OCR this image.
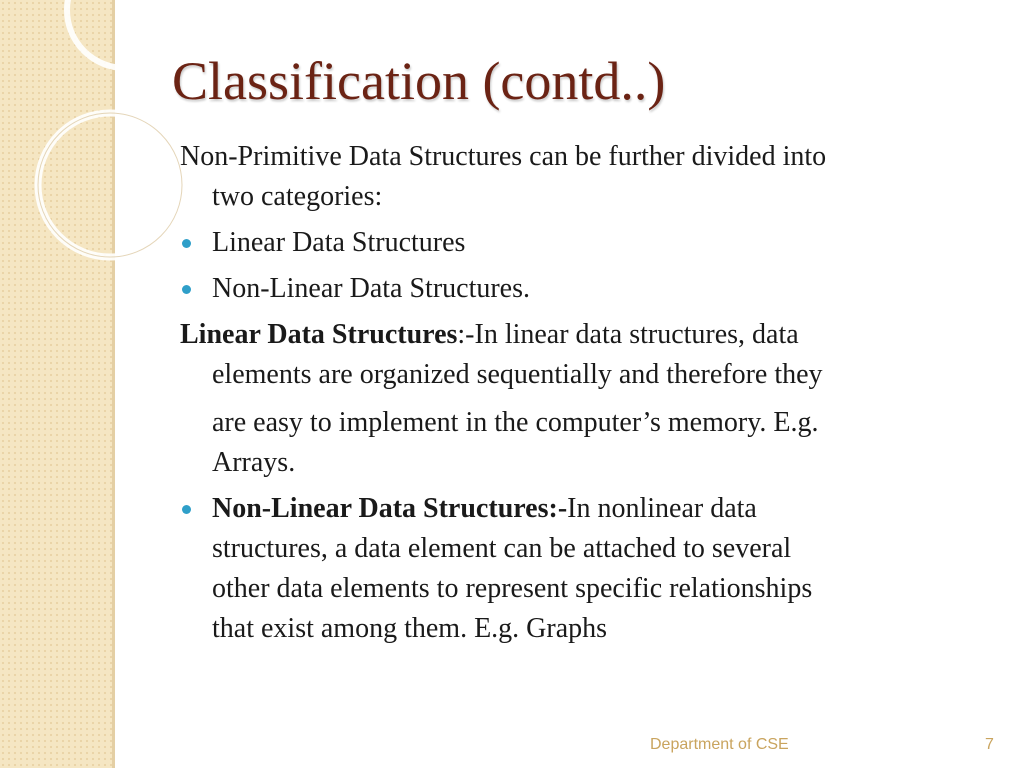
Classification (contd..)

Non-Primitive Data Structures can be further divided into
two categories:

Linear Data Structures
Non-Linear Data Structures.

Linear Data Structures:-In linear data structures, data
elements are organized sequentially and therefore they
are easy to implement in the computer’s memory. E.g.
Arrays.

Non-Linear Data Structures:-In nonlinear data
structures, a data element can be attached to several
other data elements to represent specific relationships
that exist among them. E.g. Graphs
Department of CSE	7
